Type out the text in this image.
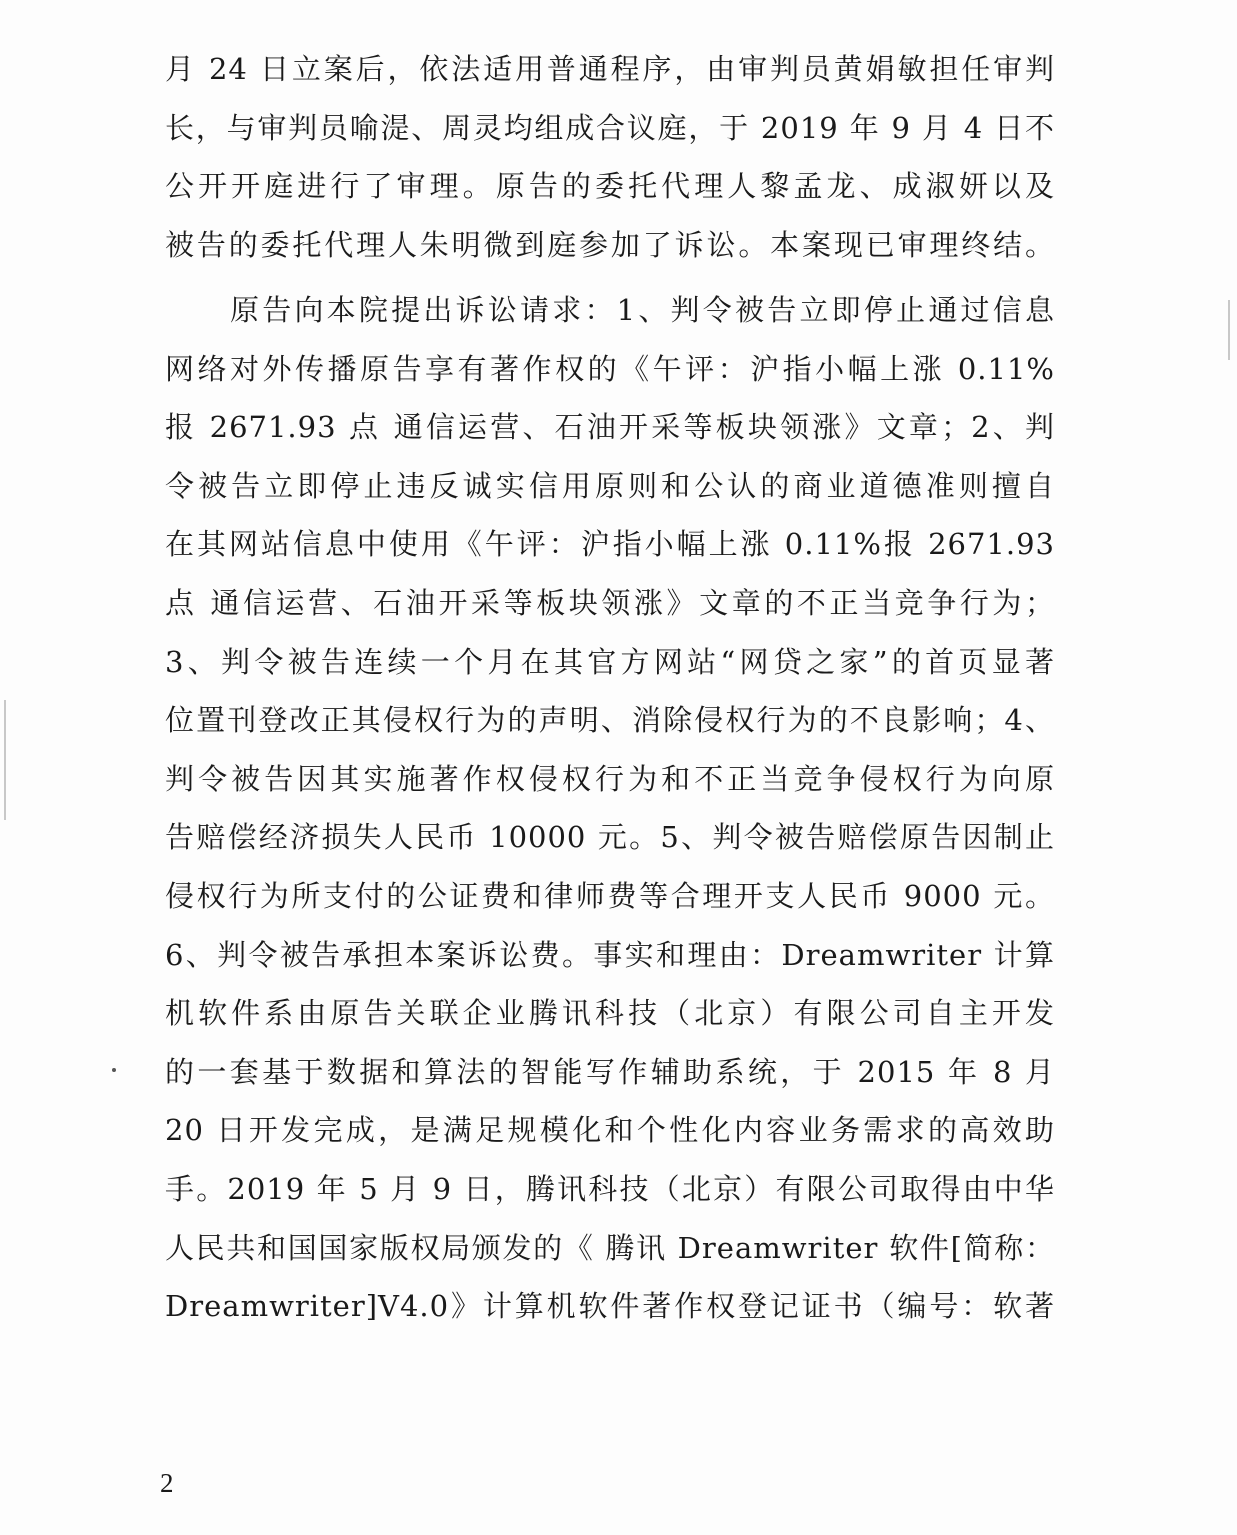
月 24 日立案后，依法适用普通程序，由审判员黄娟敏担任审判
长，与审判员喻湜、周灵均组成合议庭，于 2019 年 9 月 4 日不
公开开庭进行了审理。原告的委托代理人黎孟龙、成淑妍以及
被告的委托代理人朱明微到庭参加了诉讼。本案现已审理终结。
原告向本院提出诉讼请求：1、判令被告立即停止通过信息
网络对外传播原告享有著作权的《午评：沪指小幅上涨 0.11%
报 2671.93 点 通信运营、石油开采等板块领涨》文章；2、判
令被告立即停止违反诚实信用原则和公认的商业道德准则擅自
在其网站信息中使用《午评：沪指小幅上涨 0.11%报 2671.93
点 通信运营、石油开采等板块领涨》文章的不正当竞争行为；
3、判令被告连续一个月在其官方网站“网贷之家”的首页显著
位置刊登改正其侵权行为的声明、消除侵权行为的不良影响；4、
判令被告因其实施著作权侵权行为和不正当竞争侵权行为向原
告赔偿经济损失人民币 10000 元。5、判令被告赔偿原告因制止
侵权行为所支付的公证费和律师费等合理开支人民币 9000 元。
6、判令被告承担本案诉讼费。事实和理由：Dreamwriter 计算
机软件系由原告关联企业腾讯科技（北京）有限公司自主开发
的一套基于数据和算法的智能写作辅助系统，于 2015 年 8 月
20 日开发完成，是满足规模化和个性化内容业务需求的高效助
手。2019 年 5 月 9 日，腾讯科技（北京）有限公司取得由中华
人民共和国国家版权局颁发的《 腾讯 Dreamwriter 软件[简称：
Dreamwriter]V4.0》计算机软件著作权登记证书（编号：软著
2
